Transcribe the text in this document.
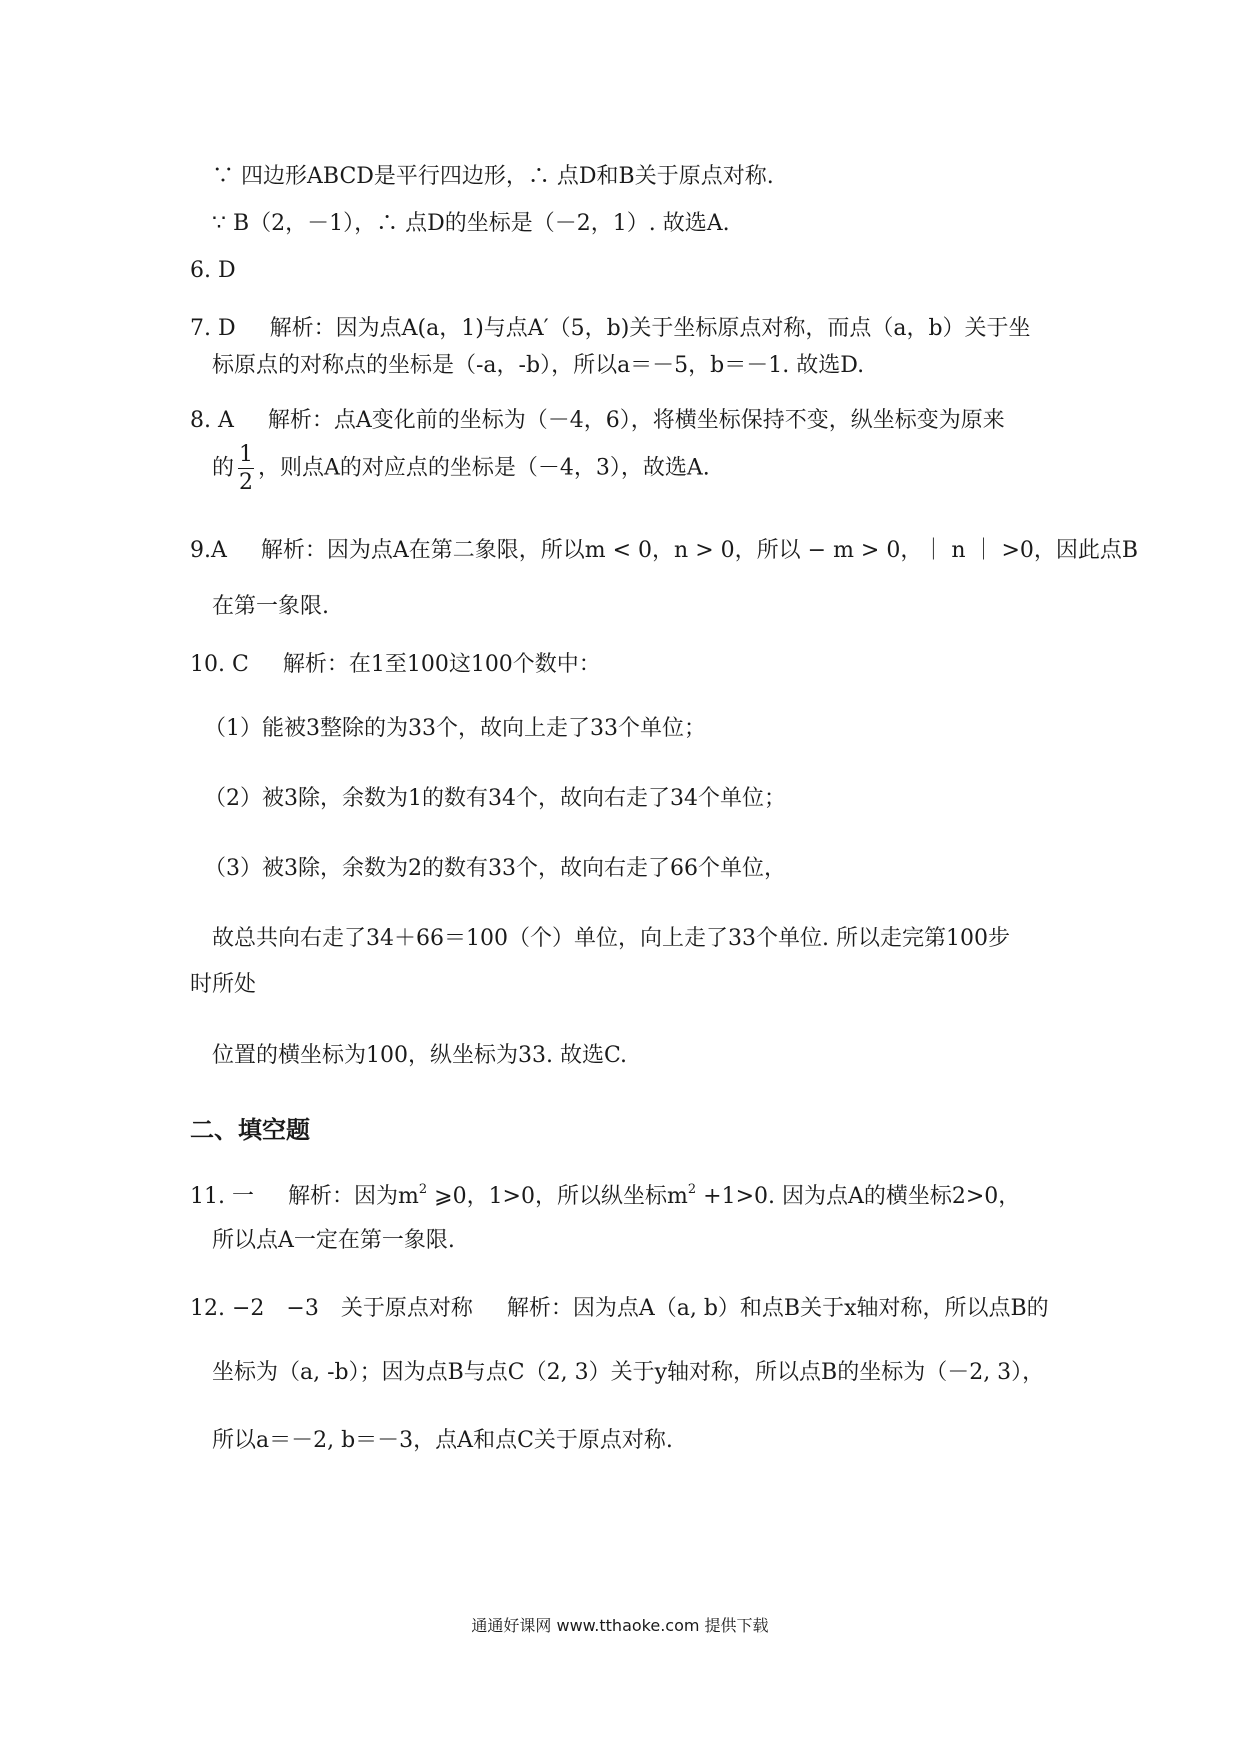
∵ 四边形ABCD是平行四边形，∴ 点D和B关于原点对称.
∵ B（2，－1），∴ 点D的坐标是（－2，1）. 故选A.
6. D
7. D 解析：因为点A(a，1)与点A′（5，b)关于坐标原点对称，而点（a，b）关于坐
标原点的对称点的坐标是（-a，-b），所以a＝－5，b＝－1. 故选D.
8. A 解析：点A变化前的坐标为（－4，6），将横坐标保持不变，纵坐标变为原来
的 $\frac{1}{2}$ ，则点A的对应点的坐标是（－4，3），故选A.
9.A 解析：因为点A在第二象限，所以m < 0，n > 0，所以 − m > 0，｜ n ｜ >0，因此点B
在第一象限.
10. C 解析：在1至100这100个数中：
（1）能被3整除的为33个，故向上走了33个单位；
（2）被3除，余数为1的数有34个，故向右走了34个单位；
（3）被3除，余数为2的数有33个，故向右走了66个单位，
故总共向右走了34＋66＝100（个）单位，向上走了33个单位. 所以走完第100步
时所处
位置的横坐标为100，纵坐标为33. 故选C.
二、填空题
11. 一 解析：因为$m^2$ ⩾0，1>0，所以纵坐标$m^2 +1>0$. 因为点A的横坐标2>0，
所以点A一定在第一象限.
12. −2　−3　关于原点对称 解析：因为点A（a, b）和点B关于x轴对称，所以点B的
坐标为（a, -b）；因为点B与点C（2, 3）关于y轴对称，所以点B的坐标为（－2, 3），
所以a＝－2, b＝－3，点A和点C关于原点对称.
通通好课网 www.tthaoke.com 提供下载
